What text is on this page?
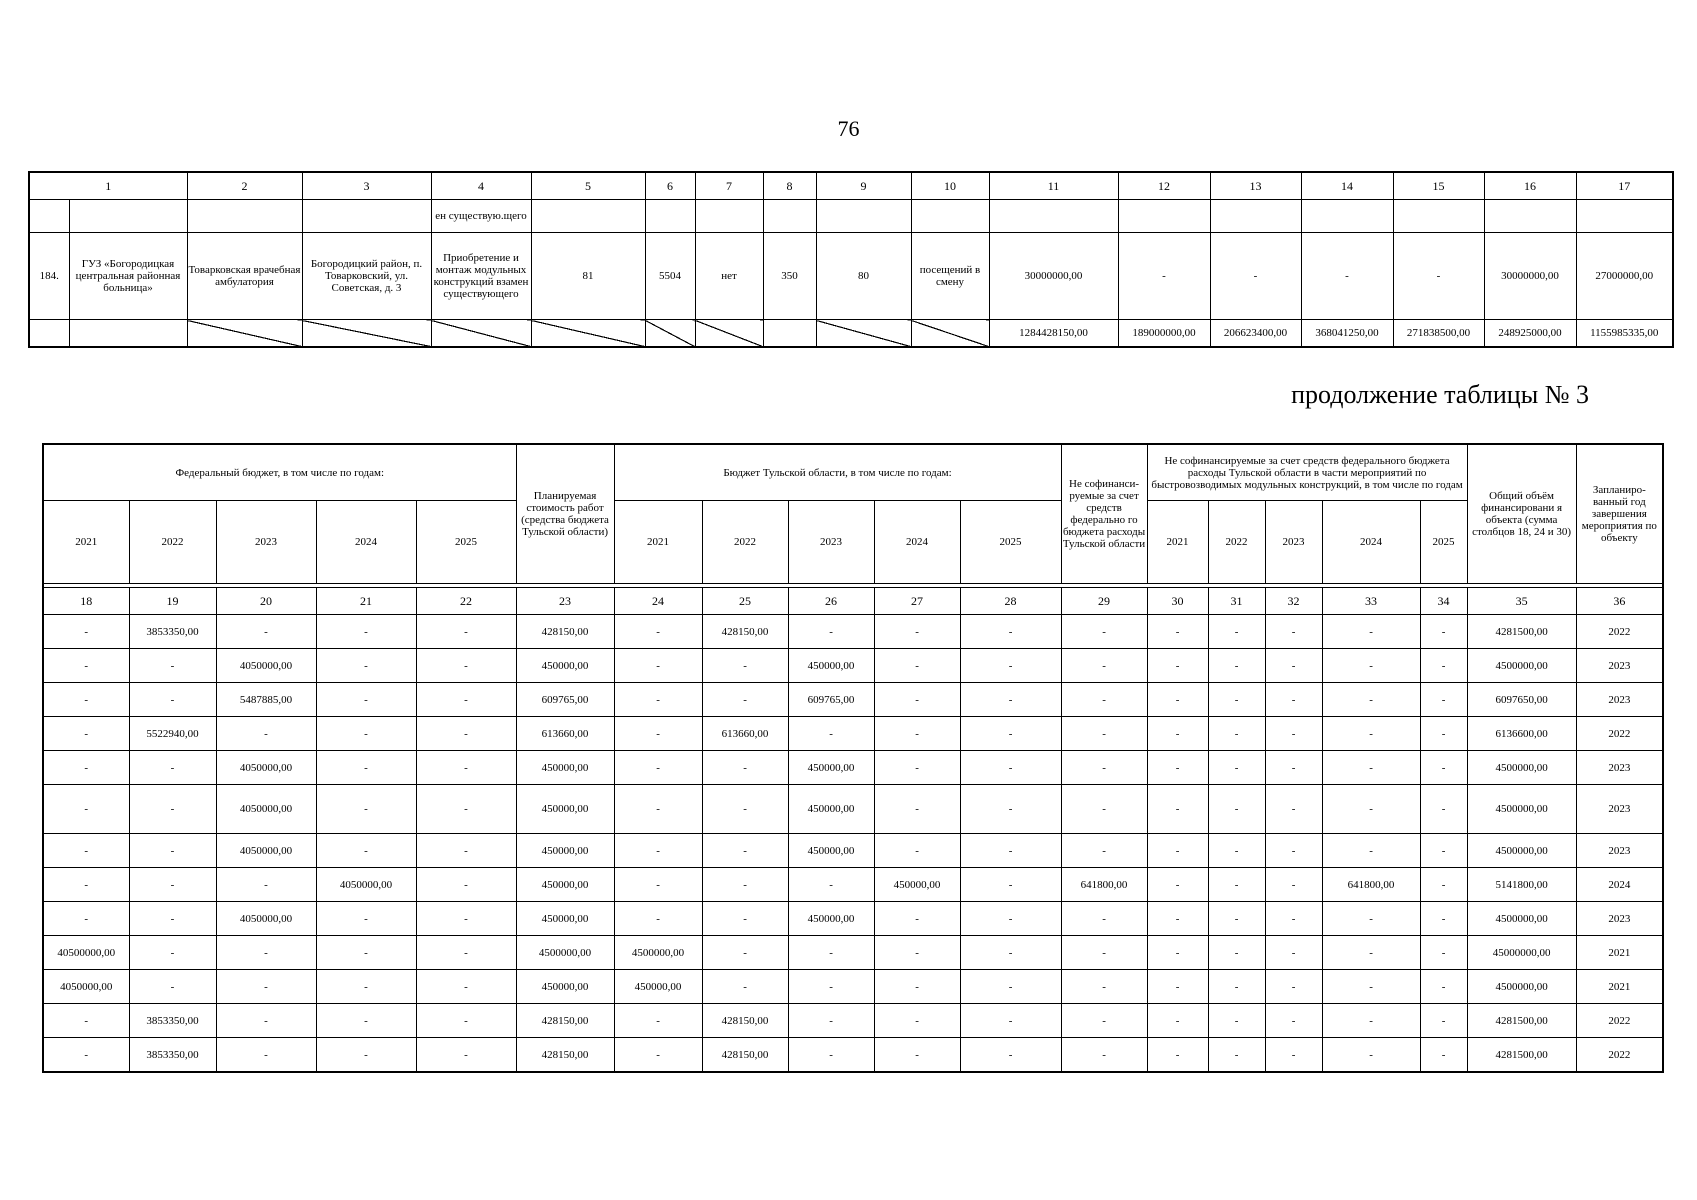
76
1		2	3	4	5	6	7	8	9	10	11	12	13	14	15	16	17
				ен существую.щего													
184.	ГУЗ «Богородицкая центральная районная больница»	Товарковская врачебная амбулатория	Богородицкий район, п. Товарковский, ул. Советская, д. 3	Приобретение и монтаж модульных конструкций взамен существующего	81	5504	нет	350	80	посещений в смену	30000000,00	-	-	-	-	30000000,00	27000000,00
											1284428150,00	189000000,00	206623400,00	368041250,00	271838500,00	248925000,00	1155985335,00
продолжение таблицы № 3
Федеральный бюджет, в том числе по годам:					Планируемая стоимость работ (средства бюджета Тульской области)	Бюджет Тульской области, в том числе по годам:					Не софинанси-руемые за счет средств федерально го бюджета расходы Тульской области	Не софинансируемые за счет средств федерального бюджета расходы Тульской области в части мероприятий по быстровозводимых модульных конструкций, в том числе по годам					Общий объём финансировани я объекта (сумма столбцов 18, 24 и 30)	Запланиро-ванный год завершения мероприятия по объекту
2021	2022	2023	2024	2025		2021	2022	2023	2024	2025		2021	2022	2023	2024	2025		

18	19	20	21	22	23	24	25	26	27	28	29	30	31	32	33	34	35	36
-	3853350,00	-	-	-	428150,00	-	428150,00	-	-	-	-	-	-	-	-	-	4281500,00	2022
-	-	4050000,00	-	-	450000,00	-	-	450000,00	-	-	-	-	-	-	-	-	4500000,00	2023
-	-	5487885,00	-	-	609765,00	-	-	609765,00	-	-	-	-	-	-	-	-	6097650,00	2023
-	5522940,00	-	-	-	613660,00	-	613660,00	-	-	-	-	-	-	-	-	-	6136600,00	2022
-	-	4050000,00	-	-	450000,00	-	-	450000,00	-	-	-	-	-	-	-	-	4500000,00	2023
-	-	4050000,00	-	-	450000,00	-	-	450000,00	-	-	-	-	-	-	-	-	4500000,00	2023
-	-	4050000,00	-	-	450000,00	-	-	450000,00	-	-	-	-	-	-	-	-	4500000,00	2023
-	-	-	4050000,00	-	450000,00	-	-	-	450000,00	-	641800,00	-	-	-	641800,00	-	5141800,00	2024
-	-	4050000,00	-	-	450000,00	-	-	450000,00	-	-	-	-	-	-	-	-	4500000,00	2023
40500000,00	-	-	-	-	4500000,00	4500000,00	-	-	-	-	-	-	-	-	-	-	45000000,00	2021
4050000,00	-	-	-	-	450000,00	450000,00	-	-	-	-	-	-	-	-	-	-	4500000,00	2021
-	3853350,00	-	-	-	428150,00	-	428150,00	-	-	-	-	-	-	-	-	-	4281500,00	2022
-	3853350,00	-	-	-	428150,00	-	428150,00	-	-	-	-	-	-	-	-	-	4281500,00	2022
